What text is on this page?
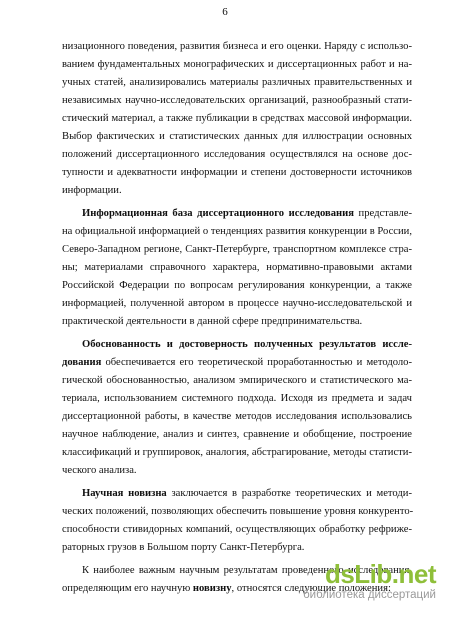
6
низационного поведения, развития бизнеса и его оценки. Наряду с использо-
ванием фундаментальных монографических и диссертационных работ и на-
учных статей, анализировались материалы различных правительственных и
независимых научно-исследовательских организаций, разнообразный стати-
стический материал, а также публикации в средствах массовой информации.
Выбор фактических и статистических данных для иллюстрации основных
положений диссертационного исследования осуществлялся на основе дос-
тупности и адекватности информации и степени достоверности источников
информации.
Информационная база диссертационного исследования представле-
на официальной информацией о тенденциях развития конкуренции в России,
Северо-Западном регионе, Санкт-Петербурге, транспортном комплексе стра-
ны; материалами справочного характера, нормативно-правовыми актами
Российской Федерации по вопросам регулирования конкуренции, а также
информацией, полученной автором в процессе научно-исследовательской и
практической деятельности в данной сфере предпринимательства.
Обоснованность и достоверность полученных результатов иссле-
дования обеспечивается его теоретической проработанностью и методоло-
гической обоснованностью, анализом эмпирического и статистического ма-
териала, использованием системного подхода. Исходя из предмета и задач
диссертационной работы, в качестве методов исследования использовались
научное наблюдение, анализ и синтез, сравнение и обобщение, построение
классификаций и группировок, аналогия, абстрагирование, методы статисти-
ческого анализа.
Научная новизна заключается в разработке теоретических и методи-
ческих положений, позволяющих обеспечить повышение уровня конкуренто-
способности стивидорных компаний, осуществляющих обработку рефриже-
раторных грузов в Большом порту Санкт-Петербурга.
К наиболее важным научным результатам проведенного исследования,
определяющим его научную новизну, относятся следующие положения:
dsLib.net
библиотека диссертаций
